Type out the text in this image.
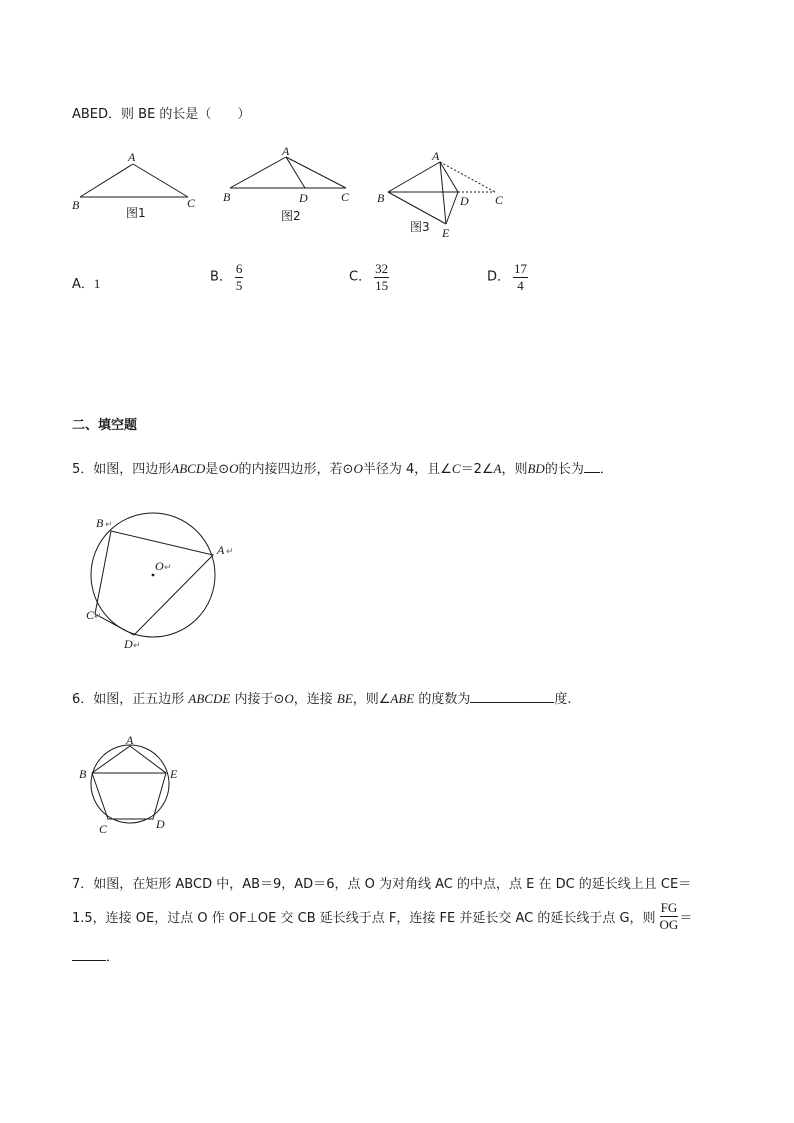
ABED．则 BE 的长是（　　）
A
B	C
图1
A
B	D	C
图2
A
B	D C
E
图3
B ↵
A ↵
O ↵
C ↵
D ↵
A
B	E
C	D
A．1	B． $\frac{6}{5}$	C． $\frac{32}{15}$	D． $\frac{17}{4}$
二、填空题
5．如图，四边形ABCD是⊙O的内接四边形，若⊙O半径为 4，且∠C＝2∠A，则BD的长为 ．
6．如图，正五边形 ABCDE 内接于⊙O，连接 BE，则∠ABE 的度数为	度.
7．如图，在矩形 ABCD 中，AB＝9，AD＝6，点 O 为对角线 AC 的中点，点 E 在 DC 的延长线上且 CE＝
1.5，连接 OE，过点 O 作 OF⊥OE 交 CB 延长线于点 F，连接 FE 并延长交 AC 的延长线于点 G，则 $\frac{FG}{OG}$ ＝
．
